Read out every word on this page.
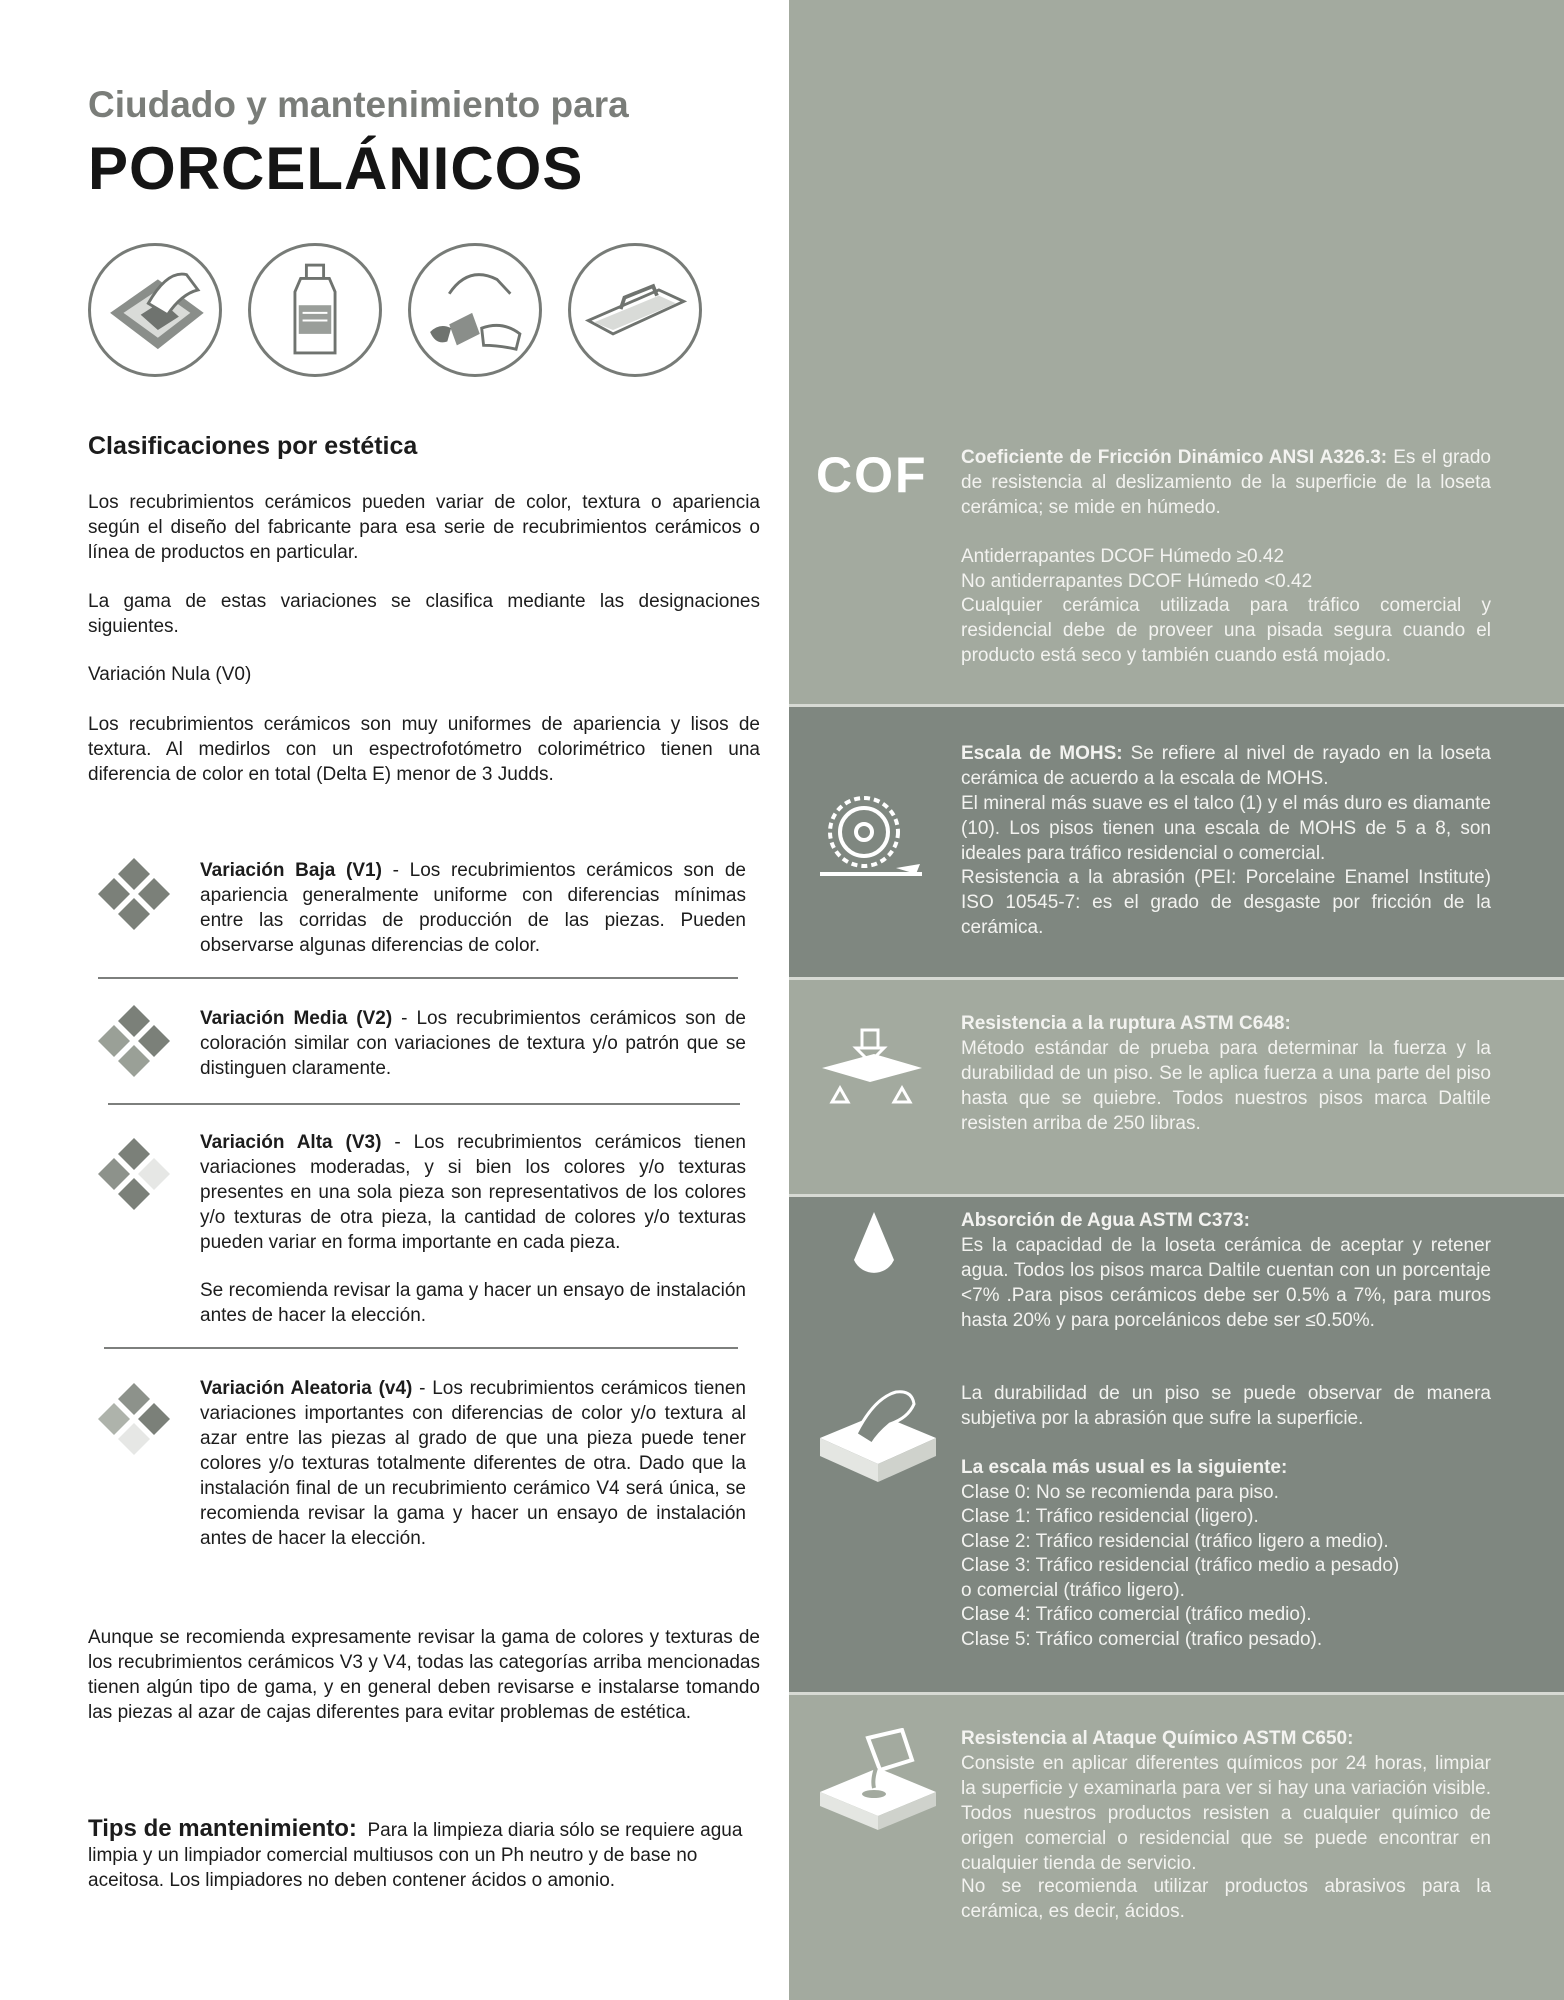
Ciudado y mantenimiento para
PORCELÁNICOS
Clasificaciones por estética
Los recubrimientos cerámicos pueden variar de color, textura o apariencia según el diseño del fabricante para esa serie de recubrimientos cerámicos o línea de productos en particular.
La gama de estas variaciones se clasifica mediante las designaciones siguientes.
Variación Nula (V0)
Los recubrimientos cerámicos son muy uniformes de apariencia y lisos de textura. Al medirlos con un espectrofotómetro colorimétrico tienen una diferencia de color en total (Delta E) menor de 3 Judds.
Variación Baja (V1) - Los recubrimientos cerámicos son de apariencia generalmente uniforme con diferencias mínimas entre las corridas de producción de las piezas. Pueden observarse algunas diferencias de color.
Variación Media (V2) - Los recubrimientos cerámicos son de coloración similar con variaciones de textura y/o patrón que se distinguen claramente.
Variación Alta (V3) - Los recubrimientos cerámicos tienen variaciones moderadas, y si bien los colores y/o texturas presentes en una sola pieza son representativos de los colores y/o texturas de otra pieza, la cantidad de colores y/o texturas pueden variar en forma importante en cada pieza.
Se recomienda revisar la gama y hacer un ensayo de instalación antes de hacer la elección.
Variación Aleatoria (v4) - Los recubrimientos cerámicos tienen variaciones importantes con diferencias de color y/o textura al azar entre las piezas al grado de que una pieza puede tener colores y/o texturas totalmente diferentes de otra. Dado que la instalación final de un recubrimiento cerámico V4 será única, se recomienda revisar la gama y hacer un ensayo de instalación antes de hacer la elección.
Aunque se recomienda expresamente revisar la gama de colores y texturas de los recubrimientos cerámicos V3 y V4, todas las categorías arriba mencionadas tienen algún tipo de gama, y en general deben revisarse e instalarse tomando las piezas al azar de cajas diferentes para evitar problemas de estética.
Tips de mantenimiento: Para la limpieza diaria sólo se requiere agua limpia y un limpiador comercial multiusos con un Ph neutro y de base no aceitosa. Los limpiadores no deben contener ácidos o amonio.
COF Coeficiente de Fricción Dinámico ANSI A326.3: Es el grado de resistencia al deslizamiento de la superficie de la loseta cerámica; se mide en húmedo.
Antiderrapantes DCOF Húmedo ≥0.42
No antiderrapantes DCOF Húmedo <0.42
Cualquier cerámica utilizada para tráfico comercial y residencial debe de proveer una pisada segura cuando el producto está seco y también cuando está mojado.
Escala de MOHS: Se refiere al nivel de rayado en la loseta cerámica de acuerdo a la escala de MOHS.
El mineral más suave es el talco (1) y el más duro es diamante (10). Los pisos tienen una escala de MOHS de 5 a 8, son ideales para tráfico residencial o comercial.
Resistencia a la abrasión (PEI: Porcelaine Enamel Institute) ISO 10545-7: es el grado de desgaste por fricción de la cerámica.
Resistencia a la ruptura ASTM C648:
Método estándar de prueba para determinar la fuerza y la durabilidad de un piso. Se le aplica fuerza a una parte del piso hasta que se quiebre. Todos nuestros pisos marca Daltile resisten arriba de 250 libras.
Absorción de Agua ASTM C373:
Es la capacidad de la loseta cerámica de aceptar y retener agua. Todos los pisos marca Daltile cuentan con un porcentaje <7% .Para pisos cerámicos debe ser 0.5% a 7%, para muros hasta 20% y para porcelánicos debe ser ≤0.50%.
La durabilidad de un piso se puede observar de manera subjetiva por la abrasión que sufre la superficie.
La escala más usual es la siguiente:
Clase 0: No se recomienda para piso.
Clase 1: Tráfico residencial (ligero).
Clase 2: Tráfico residencial (tráfico ligero a medio).
Clase 3: Tráfico residencial (tráfico medio a pesado)
o comercial (tráfico ligero).
Clase 4: Tráfico comercial (tráfico medio).
Clase 5: Tráfico comercial (trafico pesado).
Resistencia al Ataque Químico ASTM C650:
Consiste en aplicar diferentes químicos por 24 horas, limpiar la superficie y examinarla para ver si hay una variación visible. Todos nuestros productos resisten a cualquier químico de origen comercial o residencial que se puede encontrar en cualquier tienda de servicio.
No se recomienda utilizar productos abrasivos para la cerámica, es decir, ácidos.
